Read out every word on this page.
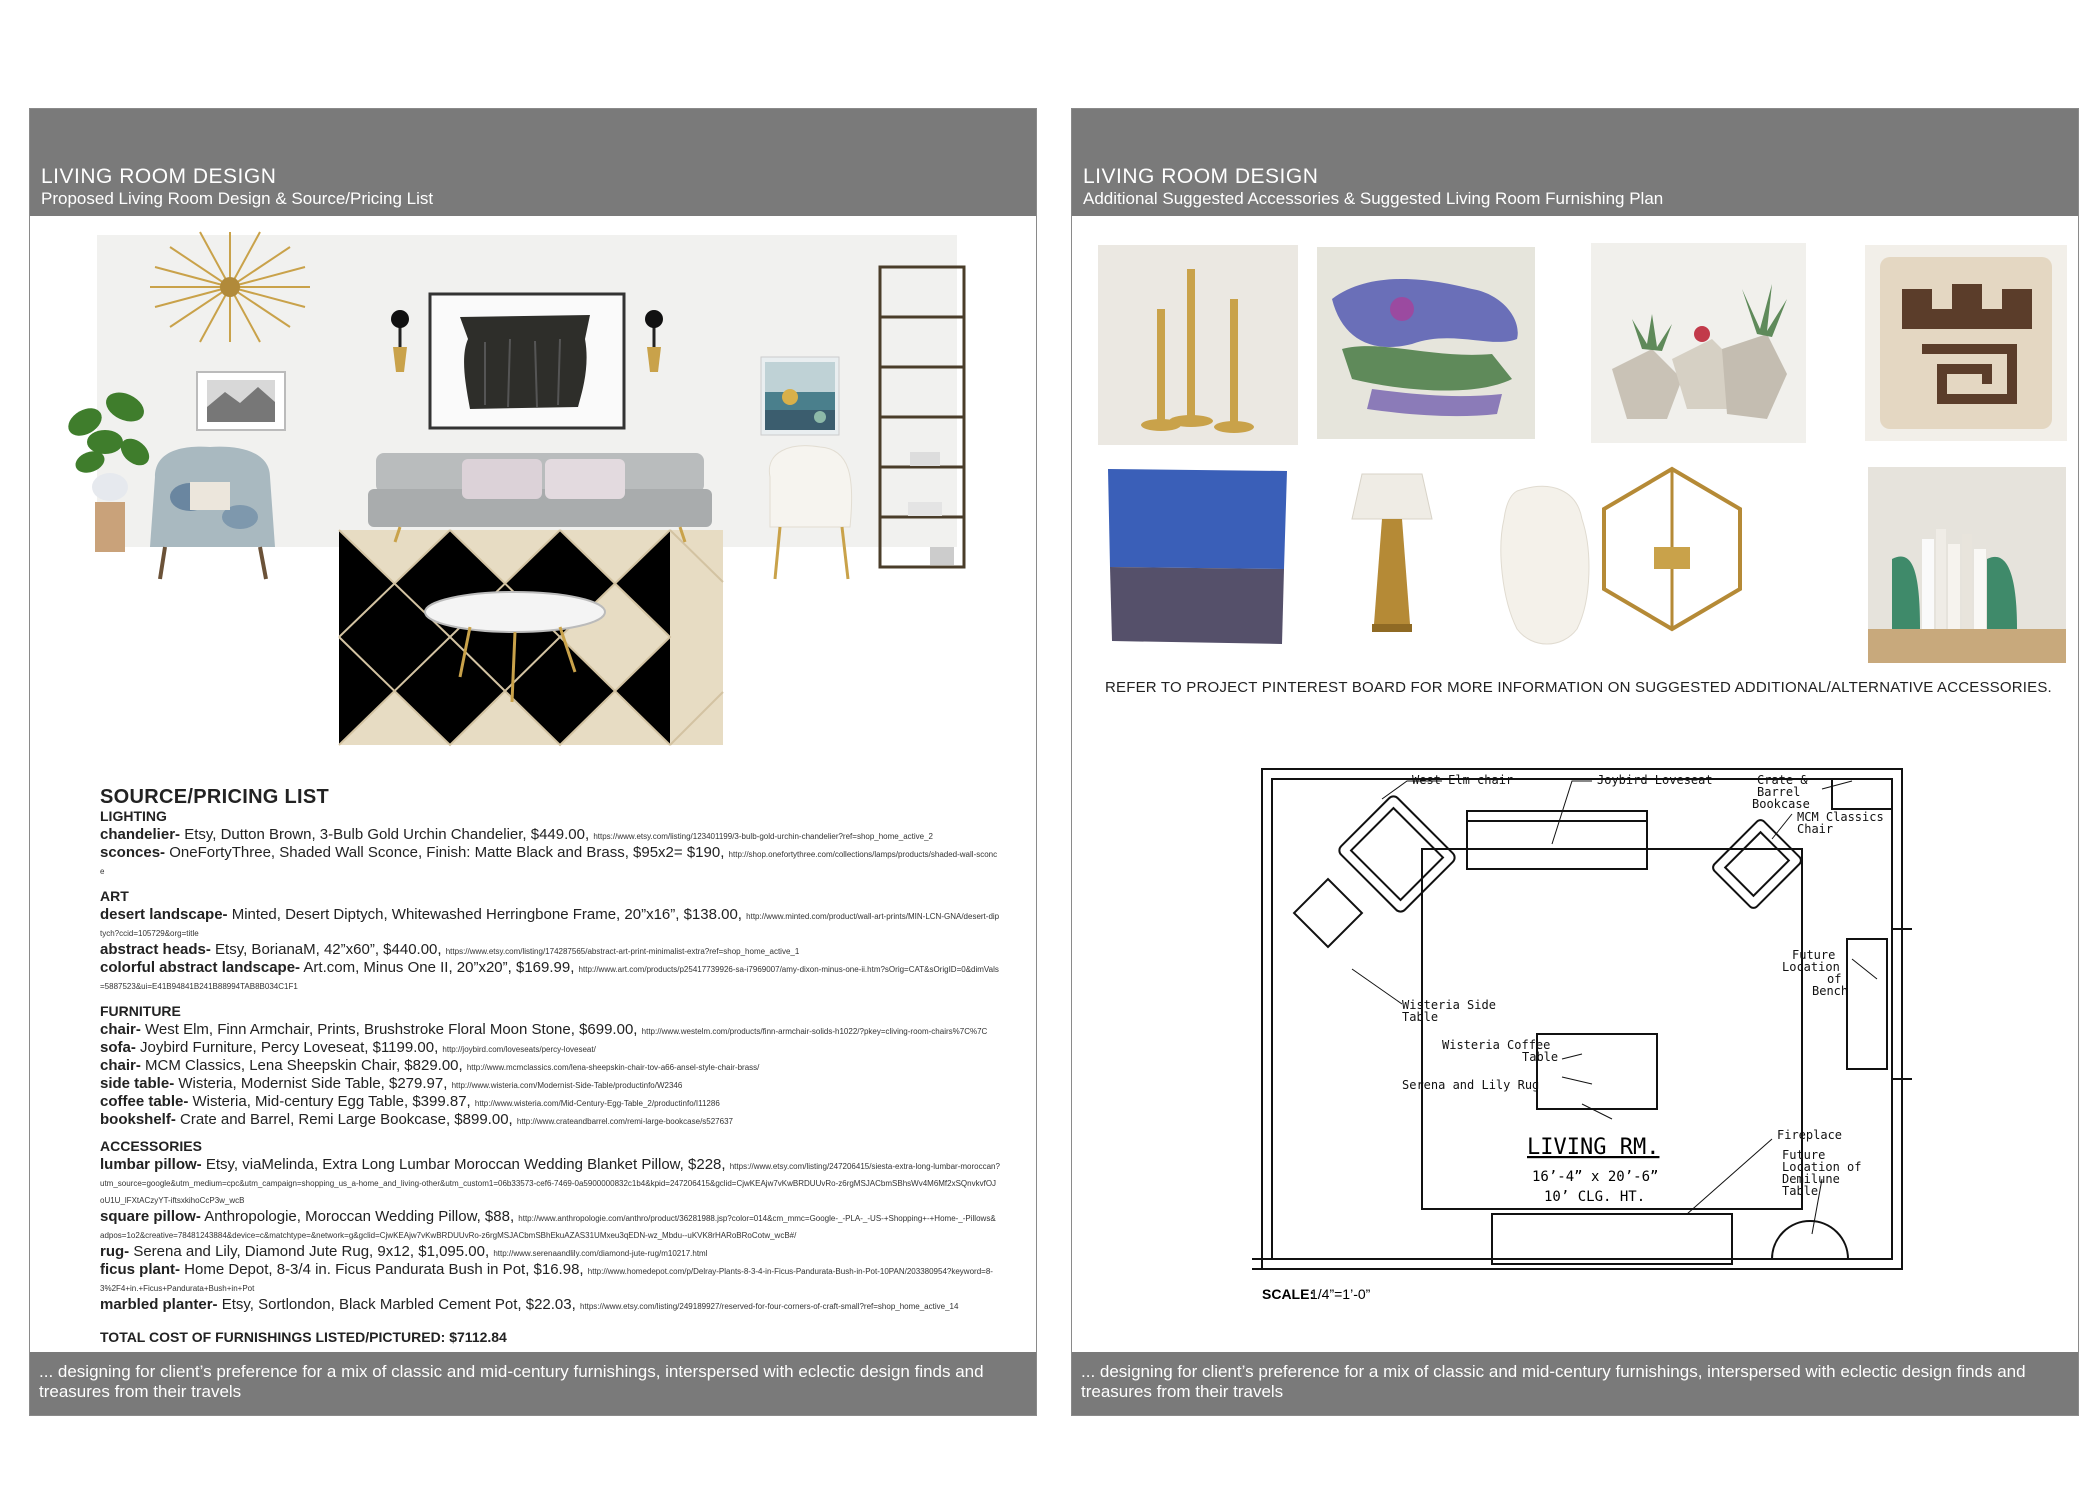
LIVING ROOM DESIGN
Proposed Living Room Design & Source/Pricing List
SOURCE/PRICING LIST
LIGHTING
chandelier- Etsy, Dutton Brown, 3-Bulb Gold Urchin Chandelier, $449.00, https://www.etsy.com/listing/123401199/3-bulb-gold-urchin-chandelier?ref=shop_home_active_2
sconces- OneFortyThree, Shaded Wall Sconce, Finish: Matte Black and Brass, $95x2= $190, http://shop.onefortythree.com/collections/lamps/products/shaded-wall-sconce
ART
desert landscape- Minted, Desert Diptych, Whitewashed Herringbone Frame, 20”x16”, $138.00, http://www.minted.com/product/wall-art-prints/MIN-LCN-GNA/desert-diptych?ccid=105729&org=title
abstract heads- Etsy, BorianaM, 42”x60”, $440.00, https://www.etsy.com/listing/174287565/abstract-art-print-minimalist-extra?ref=shop_home_active_1
colorful abstract landscape- Art.com, Minus One II, 20”x20”, $169.99, http://www.art.com/products/p25417739926-sa-i7969007/amy-dixon-minus-one-ii.htm?sOrig=CAT&sOrigID=0&dimVals=5887523&ui=E41B94841B241B88994TAB8B034C1F1
FURNITURE
chair- West Elm, Finn Armchair, Prints, Brushstroke Floral Moon Stone, $699.00, http://www.westelm.com/products/finn-armchair-solids-h1022/?pkey=cliving-room-chairs%7C%7C
sofa- Joybird Furniture, Percy Loveseat, $1199.00, http://joybird.com/loveseats/percy-loveseat/
chair- MCM Classics, Lena Sheepskin Chair, $829.00, http://www.mcmclassics.com/lena-sheepskin-chair-tov-a66-ansel-style-chair-brass/
side table- Wisteria, Modernist Side Table, $279.97, http://www.wisteria.com/Modernist-Side-Table/productinfo/W2346
coffee table- Wisteria, Mid-century Egg Table, $399.87, http://www.wisteria.com/Mid-Century-Egg-Table_2/productinfo/I11286
bookshelf- Crate and Barrel, Remi Large Bookcase, $899.00, http://www.crateandbarrel.com/remi-large-bookcase/s527637
ACCESSORIES
lumbar pillow- Etsy, viaMelinda, Extra Long Lumbar Moroccan Wedding Blanket Pillow, $228, https://www.etsy.com/listing/247206415/siesta-extra-long-lumbar-moroccan?utm_source=google&utm_medium=cpc&utm_campaign=shopping_us_a-home_and_living-other&utm_custom1=06b33573-cef6-7469-0a5900000832c1b4&kpid=247206415&gclid=CjwKEAjw7vKwBRDUUvRo-z6rgMSJACbmSBhsWv4M6Mf2xSQnvkvfOJoU1U_lFXtACzyYT-iftsxkihoCcP3w_wcB
square pillow- Anthropologie, Moroccan Wedding Pillow, $88, http://www.anthropologie.com/anthro/product/36281988.jsp?color=014&cm_mmc=Google-_-PLA-_-US-+Shopping+-+Home-_-Pillows&adpos=1o2&creative=78481243884&device=c&matchtype=&network=g&gclid=CjwKEAjw7vKwBRDUUvRo-z6rgMSJACbmSBhEkuAZAS31UMxeu3qEDN-wz_Mbdu--uKVK8rHARoBRoCotw_wcB#/
rug- Serena and Lily, Diamond Jute Rug, 9x12, $1,095.00, http://www.serenaandlily.com/diamond-jute-rug/m10217.html
ficus plant- Home Depot, 8-3/4 in. Ficus Pandurata Bush in Pot, $16.98, http://www.homedepot.com/p/Delray-Plants-8-3-4-in-Ficus-Pandurata-Bush-in-Pot-10PAN/203380954?keyword=8-3%2F4+in.+Ficus+Pandurata+Bush+in+Pot
marbled planter- Etsy, Sortlondon, Black Marbled Cement Pot, $22.03, https://www.etsy.com/listing/249189927/reserved-for-four-corners-of-craft-small?ref=shop_home_active_14
TOTAL COST OF FURNISHINGS LISTED/PICTURED: $7112.84
... designing for client’s preference for a mix of classic and mid-century furnishings, interspersed with eclectic design finds and treasures from their travels
LIVING ROOM DESIGN
Additional Suggested Accessories & Suggested Living Room Furnishing Plan
REFER TO PROJECT PINTEREST BOARD FOR MORE INFORMATION ON SUGGESTED ADDITIONAL/ALTERNATIVE ACCESSORIES.
West Elm chair	Joybird Loveseat	Crate &
Barrel
Bookcase
MCM Classics
Chair
Wisteria Side
Table
Wisteria Coffee
Table
Serena and Lily Rug
Future
Location
of
Bench
Fireplace
Future
Location of
Demilune
Table
LIVING RM.
16’-4” x 20’-6”
10’ CLG. HT.
SCALE:
1/4”=1’-0”
... designing for client’s preference for a mix of classic and mid-century furnishings, interspersed with eclectic design finds and treasures from their travels
